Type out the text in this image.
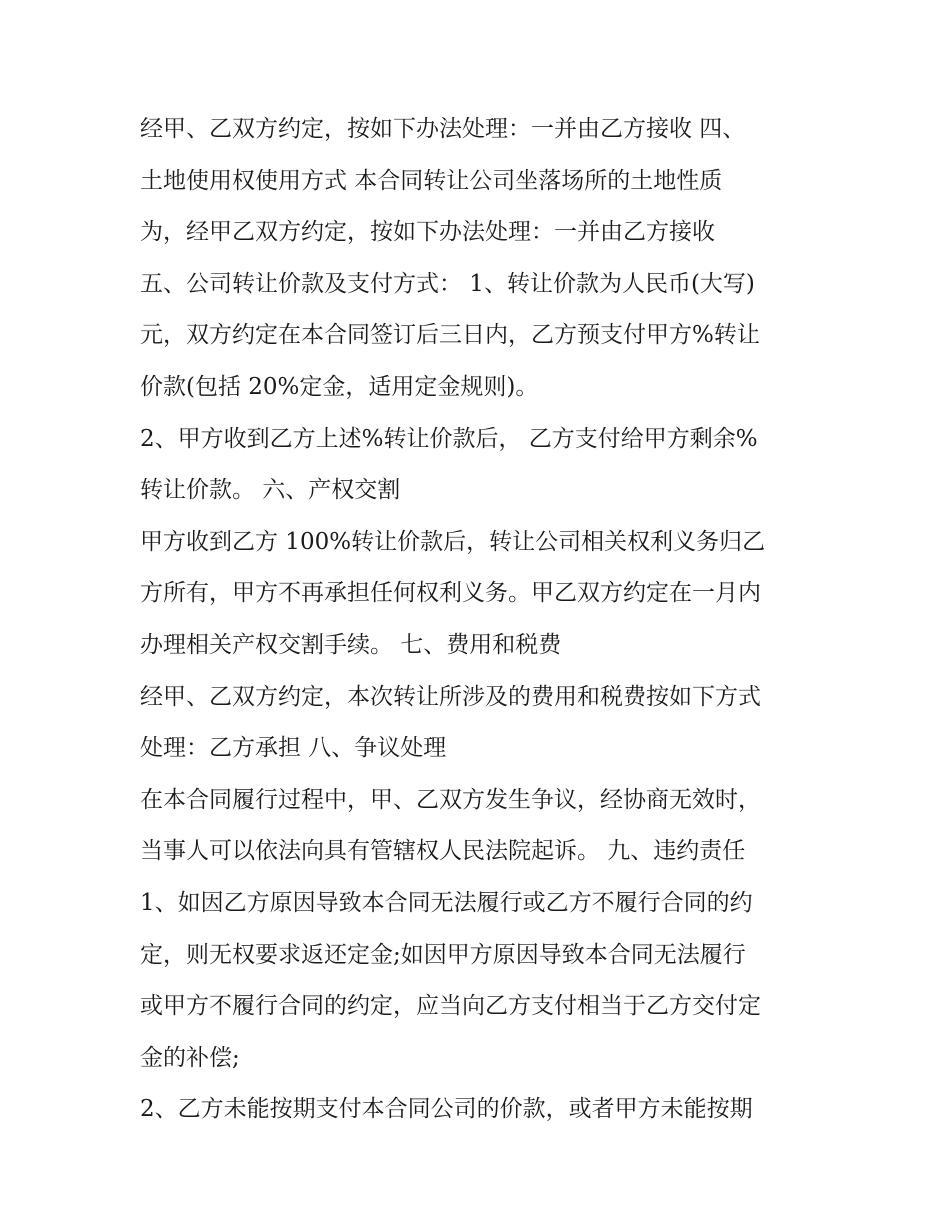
经甲、乙双方约定，按如下办法处理：一并由乙方接收 四、
土地使用权使用方式 本合同转让公司坐落场所的土地性质
为，经甲乙双方约定，按如下办法处理：一并由乙方接收
五、公司转让价款及支付方式： 1、转让价款为人民币(大写)
元，双方约定在本合同签订后三日内，乙方预支付甲方%转让
价款(包括 20%定金，适用定金规则)。
2、甲方收到乙方上述%转让价款后， 乙方支付给甲方剩余%
转让价款。 六、产权交割
甲方收到乙方 100%转让价款后，转让公司相关权利义务归乙
方所有，甲方不再承担任何权利义务。甲乙双方约定在一月内
办理相关产权交割手续。 七、费用和税费
经甲、乙双方约定，本次转让所涉及的费用和税费按如下方式
处理：乙方承担 八、争议处理
在本合同履行过程中，甲、乙双方发生争议，经协商无效时，
当事人可以依法向具有管辖权人民法院起诉。 九、违约责任
1、如因乙方原因导致本合同无法履行或乙方不履行合同的约
定，则无权要求返还定金;如因甲方原因导致本合同无法履行
或甲方不履行合同的约定，应当向乙方支付相当于乙方交付定
金的补偿;
2、乙方未能按期支付本合同公司的价款，或者甲方未能按期
